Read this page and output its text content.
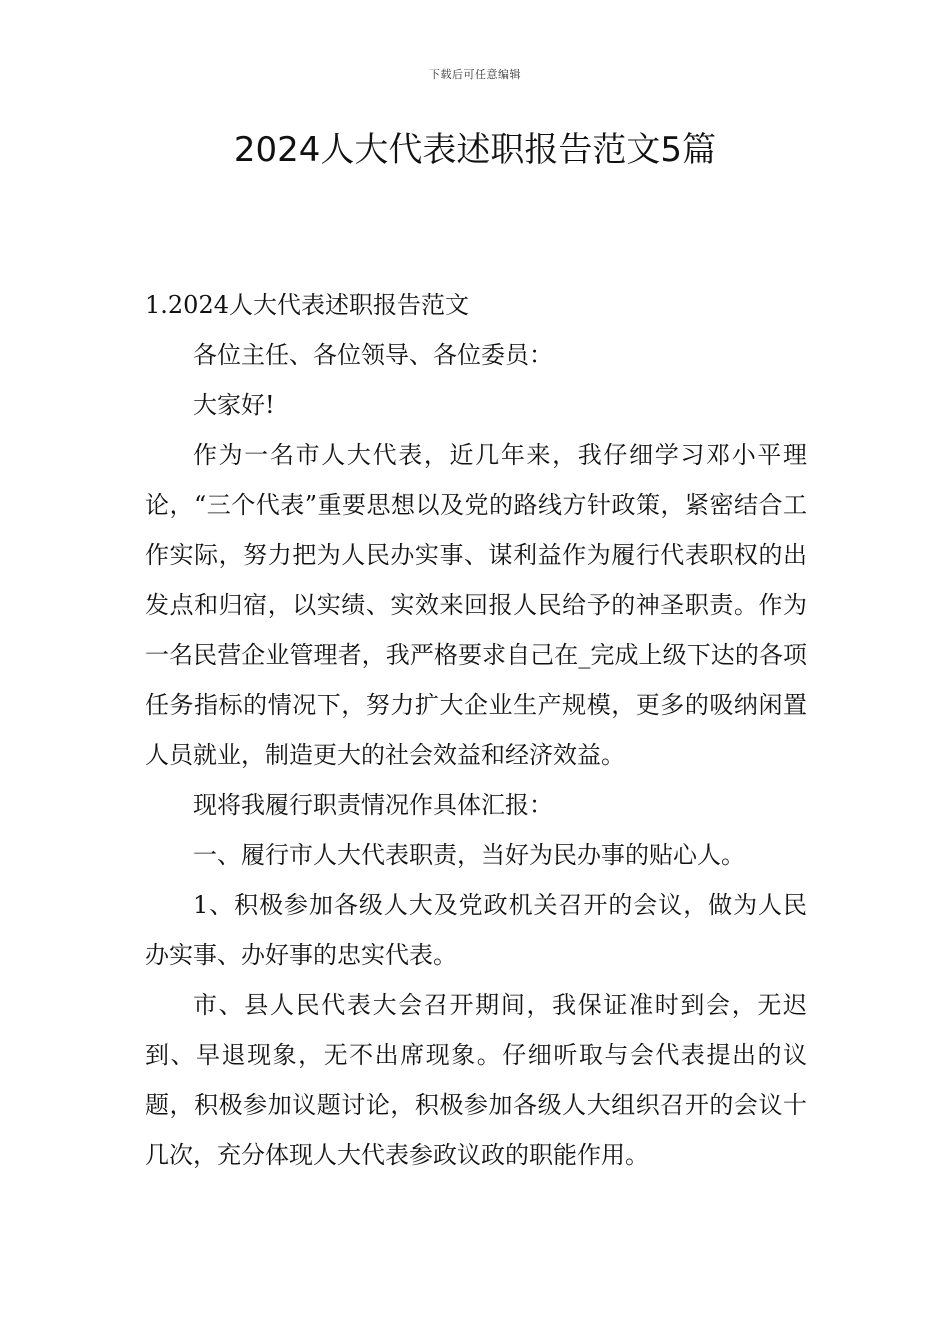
下载后可任意编辑
2024人大代表述职报告范文5篇

1.2024人大代表述职报告范文

各位主任、各位领导、各位委员：

大家好!

作为一名市人大代表，近几年来，我仔细学习邓小平理论，“三个代表”重要思想以及党的路线方针政策，紧密结合工作实际，努力把为人民办实事、谋利益作为履行代表职权的出发点和归宿，以实绩、实效来回报人民给予的神圣职责。作为一名民营企业管理者，我严格要求自己在_完成上级下达的各项任务指标的情况下，努力扩大企业生产规模，更多的吸纳闲置人员就业，制造更大的社会效益和经济效益。

现将我履行职责情况作具体汇报：

一、履行市人大代表职责，当好为民办事的贴心人。

1、积极参加各级人大及党政机关召开的会议，做为人民办实事、办好事的忠实代表。

市、县人民代表大会召开期间，我保证准时到会，无迟到、早退现象，无不出席现象。仔细听取与会代表提出的议题，积极参加议题讨论，积极参加各级人大组织召开的会议十几次，充分体现人大代表参政议政的职能作用。
